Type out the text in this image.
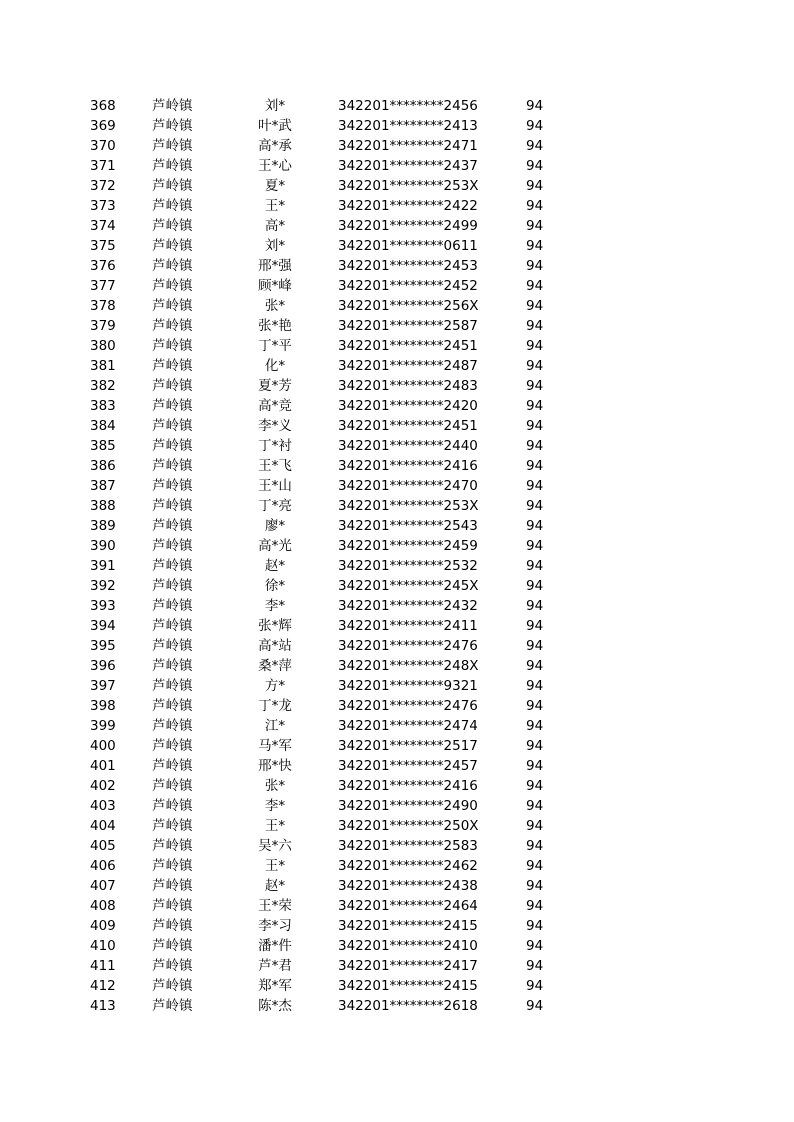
368	芦岭镇	刘*	342201********2456	94
369	芦岭镇	叶*武	342201********2413	94
370	芦岭镇	高*承	342201********2471	94
371	芦岭镇	王*心	342201********2437	94
372	芦岭镇	夏*	342201********253X	94
373	芦岭镇	王*	342201********2422	94
374	芦岭镇	高*	342201********2499	94
375	芦岭镇	刘*	342201********0611	94
376	芦岭镇	邢*强	342201********2453	94
377	芦岭镇	顾*峰	342201********2452	94
378	芦岭镇	张*	342201********256X	94
379	芦岭镇	张*艳	342201********2587	94
380	芦岭镇	丁*平	342201********2451	94
381	芦岭镇	化*	342201********2487	94
382	芦岭镇	夏*芳	342201********2483	94
383	芦岭镇	高*竞	342201********2420	94
384	芦岭镇	李*义	342201********2451	94
385	芦岭镇	丁*衬	342201********2440	94
386	芦岭镇	王*飞	342201********2416	94
387	芦岭镇	王*山	342201********2470	94
388	芦岭镇	丁*亮	342201********253X	94
389	芦岭镇	廖*	342201********2543	94
390	芦岭镇	高*光	342201********2459	94
391	芦岭镇	赵*	342201********2532	94
392	芦岭镇	徐*	342201********245X	94
393	芦岭镇	李*	342201********2432	94
394	芦岭镇	张*辉	342201********2411	94
395	芦岭镇	高*站	342201********2476	94
396	芦岭镇	桑*萍	342201********248X	94
397	芦岭镇	方*	342201********9321	94
398	芦岭镇	丁*龙	342201********2476	94
399	芦岭镇	江*	342201********2474	94
400	芦岭镇	马*军	342201********2517	94
401	芦岭镇	邢*快	342201********2457	94
402	芦岭镇	张*	342201********2416	94
403	芦岭镇	李*	342201********2490	94
404	芦岭镇	王*	342201********250X	94
405	芦岭镇	吴*六	342201********2583	94
406	芦岭镇	王*	342201********2462	94
407	芦岭镇	赵*	342201********2438	94
408	芦岭镇	王*荣	342201********2464	94
409	芦岭镇	李*习	342201********2415	94
410	芦岭镇	潘*件	342201********2410	94
411	芦岭镇	芦*君	342201********2417	94
412	芦岭镇	郑*军	342201********2415	94
413	芦岭镇	陈*杰	342201********2618	94
